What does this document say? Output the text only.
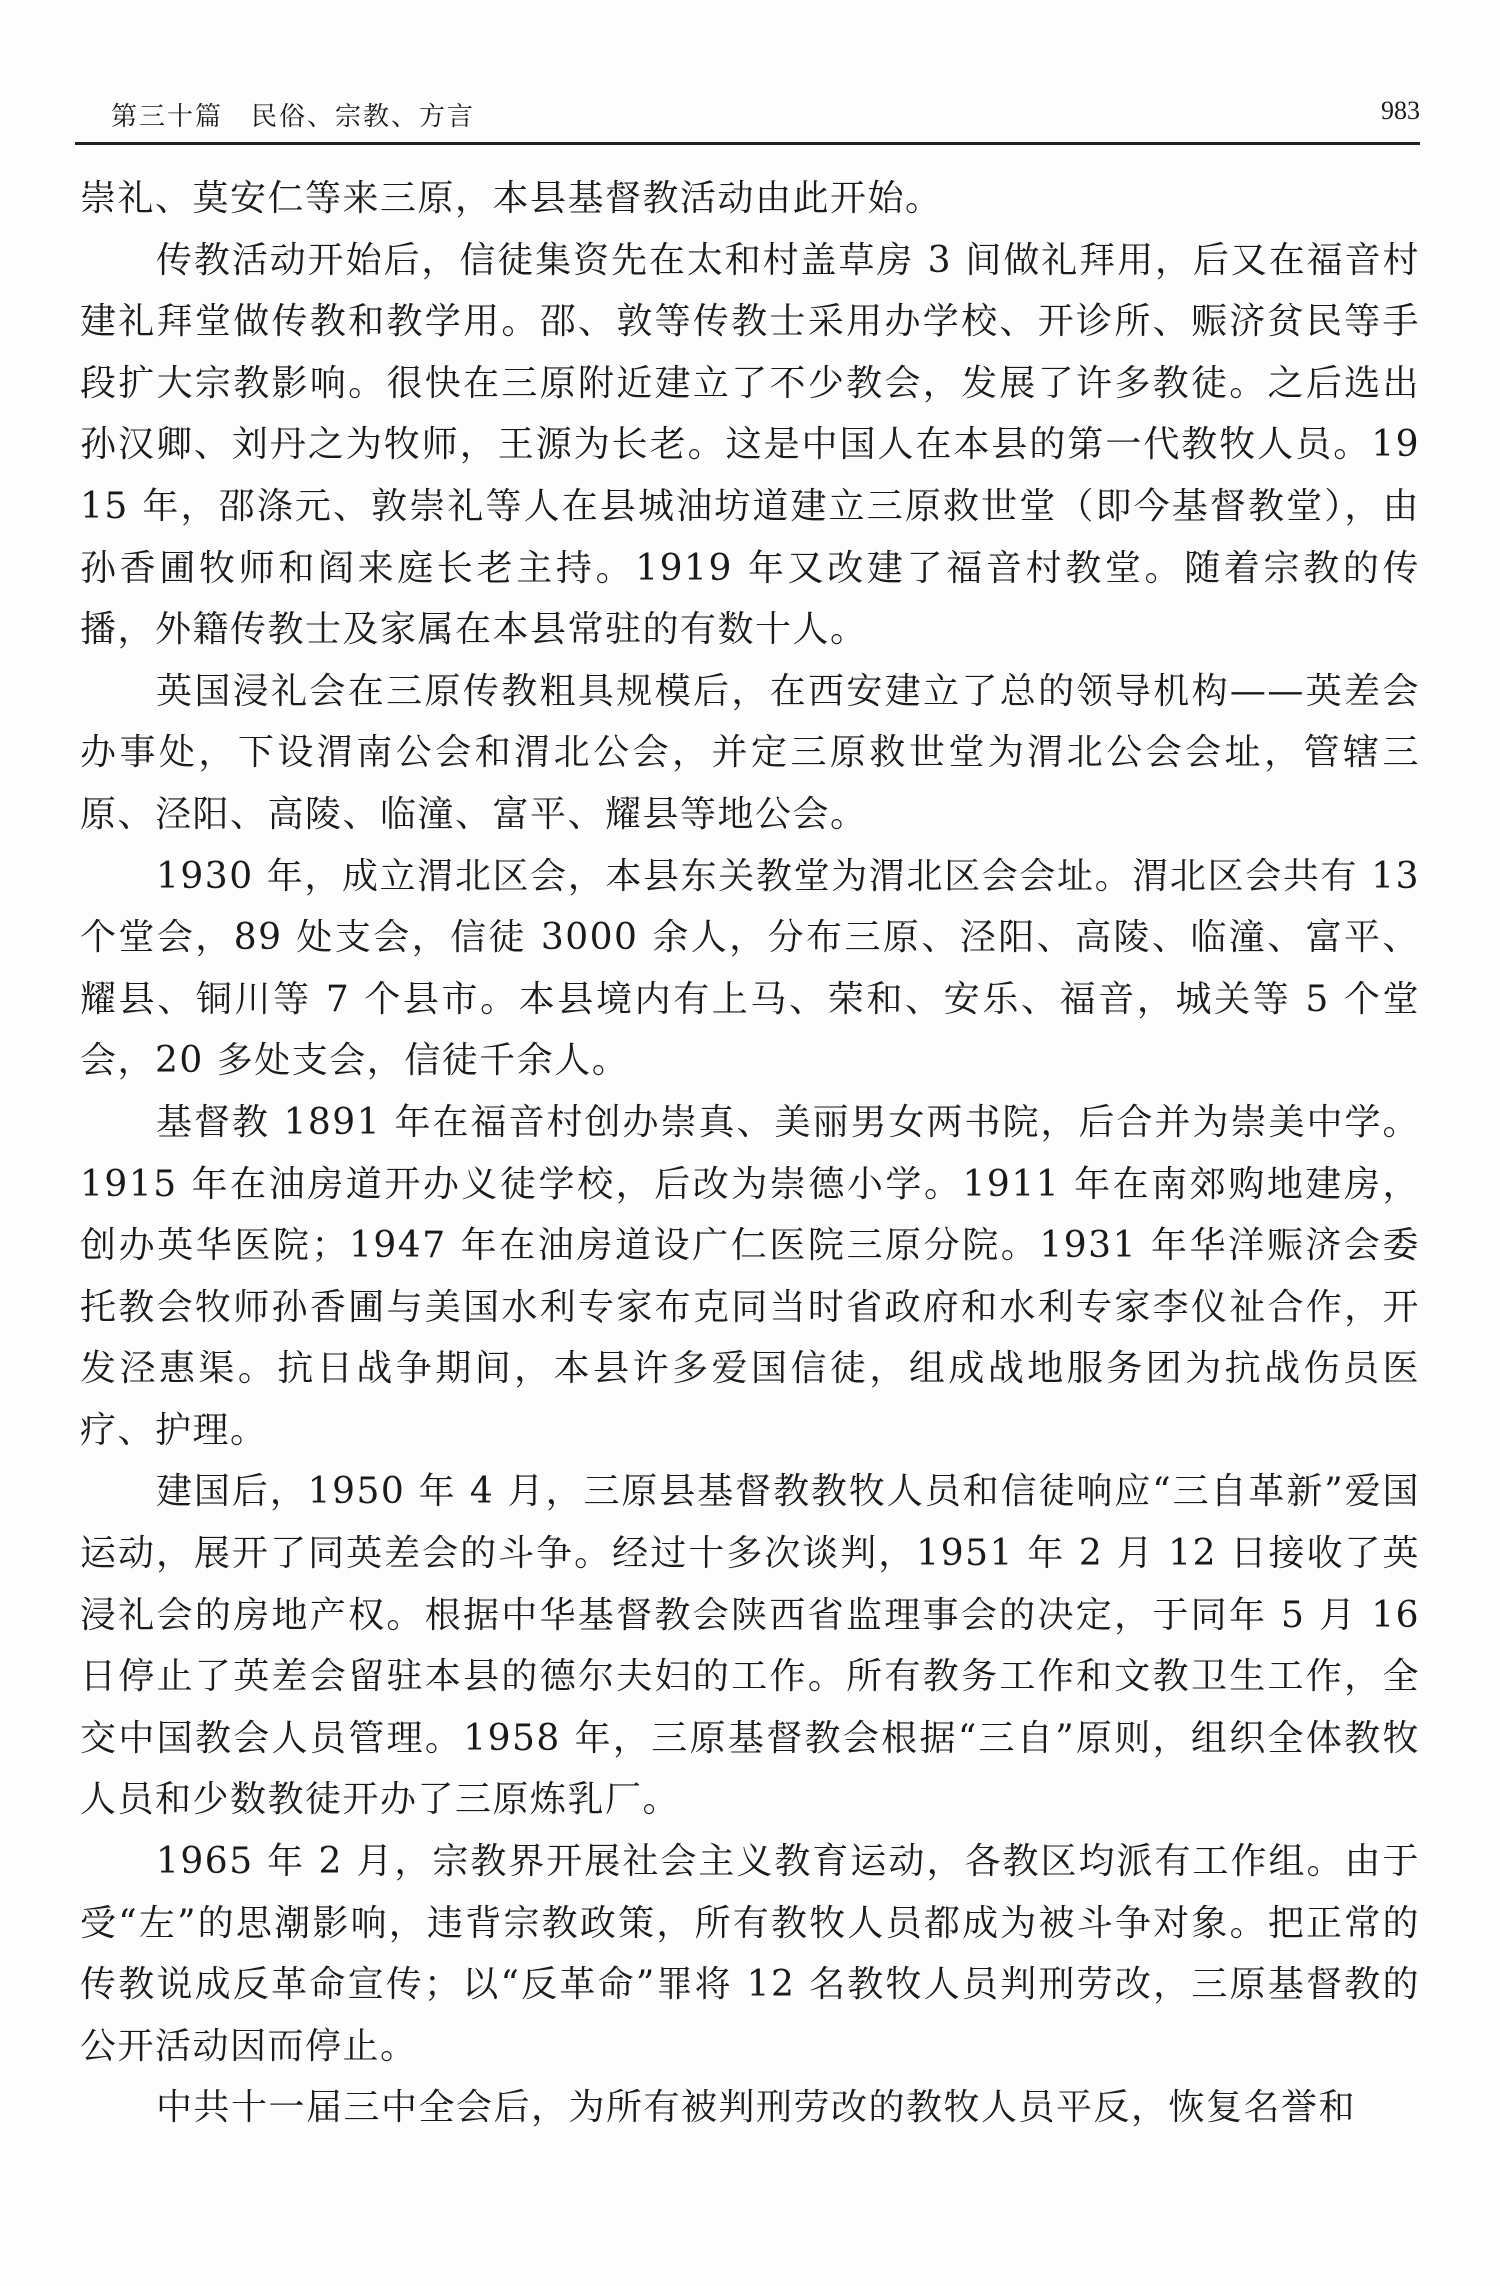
第三十篇　民俗、宗教、方言	983

崇礼、莫安仁等来三原，本县基督教活动由此开始。

传教活动开始后，信徒集资先在太和村盖草房 3 间做礼拜用，后又在福音村建礼拜堂做传教和教学用。邵、敦等传教士采用办学校、开诊所、赈济贫民等手段扩大宗教影响。很快在三原附近建立了不少教会，发展了许多教徒。之后选出孙汉卿、刘丹之为牧师，王源为长老。这是中国人在本县的第一代教牧人员。1915 年，邵涤元、敦崇礼等人在县城油坊道建立三原救世堂（即今基督教堂），由孙香圃牧师和阎来庭长老主持。1919 年又改建了福音村教堂。随着宗教的传播，外籍传教士及家属在本县常驻的有数十人。

英国浸礼会在三原传教粗具规模后，在西安建立了总的领导机构——英差会办事处，下设渭南公会和渭北公会，并定三原救世堂为渭北公会会址，管辖三原、泾阳、高陵、临潼、富平、耀县等地公会。

1930 年，成立渭北区会，本县东关教堂为渭北区会会址。渭北区会共有 13 个堂会，89 处支会，信徒 3000 余人，分布三原、泾阳、高陵、临潼、富平、耀县、铜川等 7 个县市。本县境内有上马、荣和、安乐、福音，城关等 5 个堂会，20 多处支会，信徒千余人。

基督教 1891 年在福音村创办崇真、美丽男女两书院，后合并为崇美中学。1915 年在油房道开办义徒学校，后改为崇德小学。1911 年在南郊购地建房，创办英华医院；1947 年在油房道设广仁医院三原分院。1931 年华洋赈济会委托教会牧师孙香圃与美国水利专家布克同当时省政府和水利专家李仪祉合作，开发泾惠渠。抗日战争期间，本县许多爱国信徒，组成战地服务团为抗战伤员医疗、护理。

建国后，1950 年 4 月，三原县基督教教牧人员和信徒响应“三自革新”爱国运动，展开了同英差会的斗争。经过十多次谈判，1951 年 2 月 12 日接收了英浸礼会的房地产权。根据中华基督教会陕西省监理事会的决定，于同年 5 月 16 日停止了英差会留驻本县的德尔夫妇的工作。所有教务工作和文教卫生工作，全交中国教会人员管理。1958 年，三原基督教会根据“三自”原则，组织全体教牧人员和少数教徒开办了三原炼乳厂。

1965 年 2 月，宗教界开展社会主义教育运动，各教区均派有工作组。由于受“左”的思潮影响，违背宗教政策，所有教牧人员都成为被斗争对象。把正常的传教说成反革命宣传；以“反革命”罪将 12 名教牧人员判刑劳改，三原基督教的公开活动因而停止。

中共十一届三中全会后，为所有被判刑劳改的教牧人员平反，恢复名誉和
